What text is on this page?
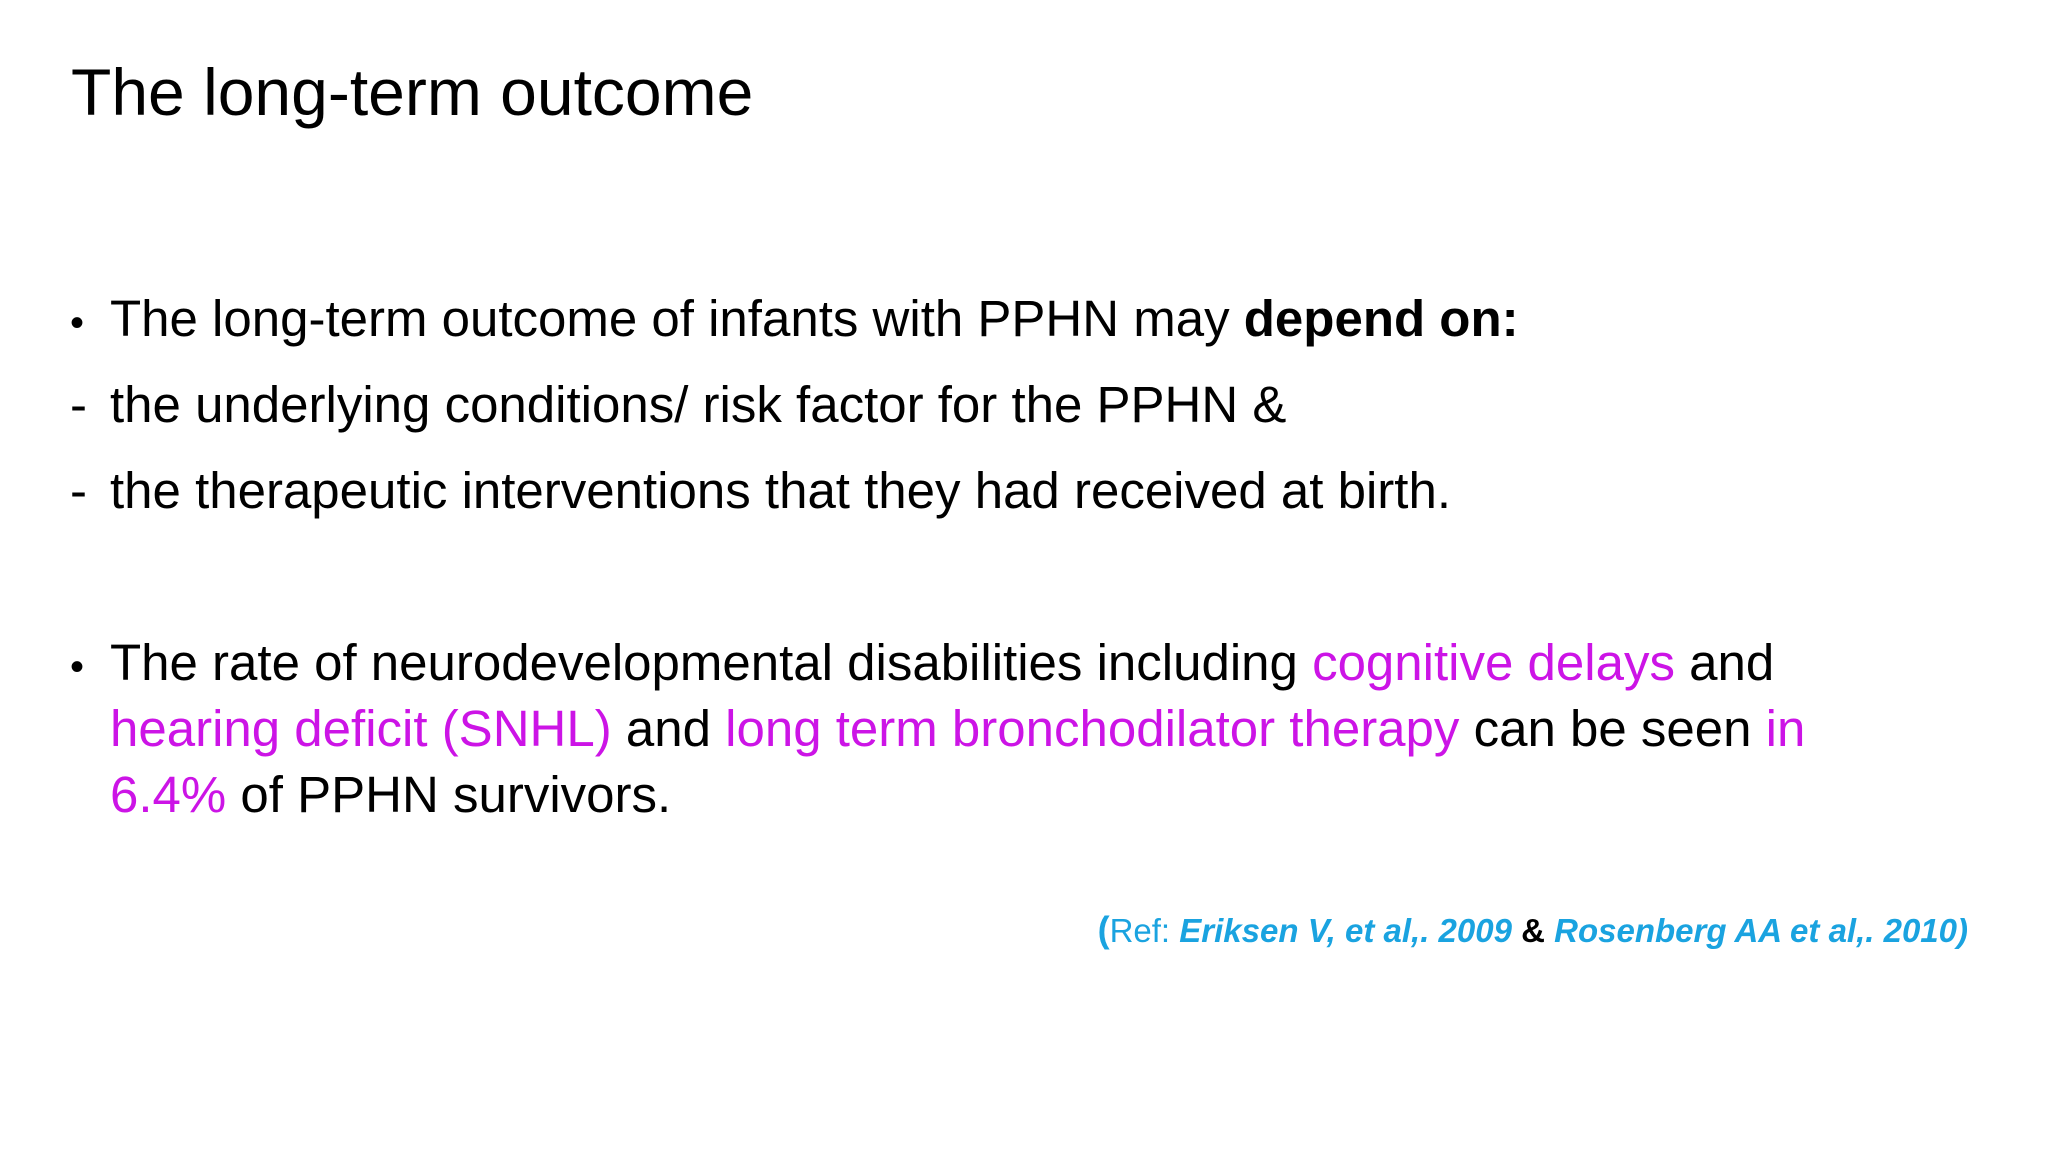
The long-term outcome
• The long-term outcome of infants with PPHN may depend on:
- the underlying conditions/ risk factor for the PPHN &
- the therapeutic interventions that they had received at birth.
• The rate of neurodevelopmental disabilities including cognitive delays and
hearing deficit (SNHL) and long term bronchodilator therapy can be seen in
6.4% of PPHN survivors.
(Ref: Eriksen V, et al,. 2009 & Rosenberg AA et al,. 2010)
